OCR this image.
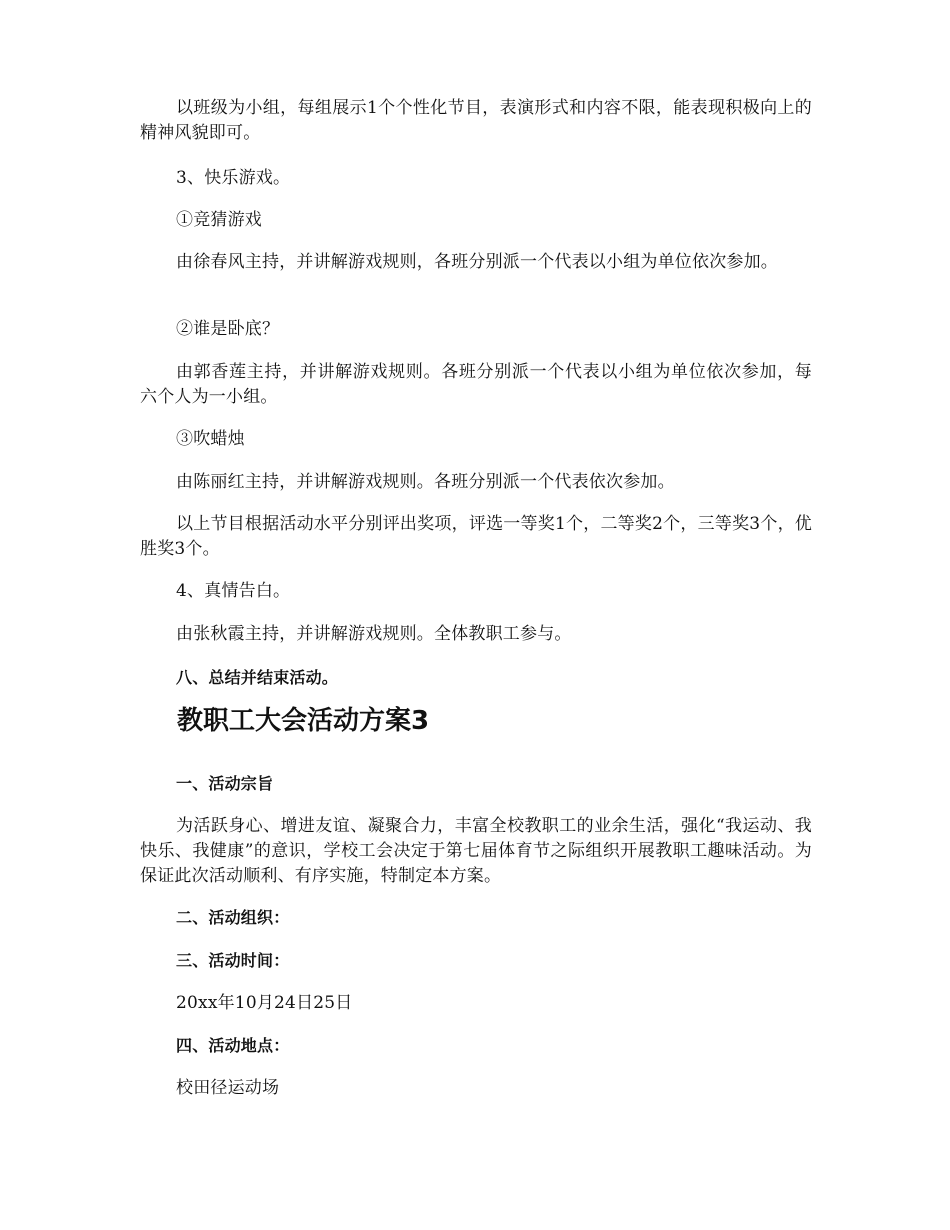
以班级为小组，每组展示1个个性化节目，表演形式和内容不限，能表现积极向上的精神风貌即可。

3、快乐游戏。

①竞猜游戏

由徐春风主持，并讲解游戏规则，各班分别派一个代表以小组为单位依次参加。

②谁是卧底？

由郭香莲主持，并讲解游戏规则。各班分别派一个代表以小组为单位依次参加，每六个人为一小组。

③吹蜡烛

由陈丽红主持，并讲解游戏规则。各班分别派一个代表依次参加。

以上节目根据活动水平分别评出奖项，评选一等奖1个，二等奖2个，三等奖3个，优胜奖3个。

4、真情告白。

由张秋霞主持，并讲解游戏规则。全体教职工参与。

八、总结并结束活动。

教职工大会活动方案3

一、活动宗旨

为活跃身心、增进友谊、凝聚合力，丰富全校教职工的业余生活，强化“我运动、我快乐、我健康”的意识，学校工会决定于第七届体育节之际组织开展教职工趣味活动。为保证此次活动顺利、有序实施，特制定本方案。

二、活动组织：

三、活动时间：

20xx年10月24日25日

四、活动地点：

校田径运动场
